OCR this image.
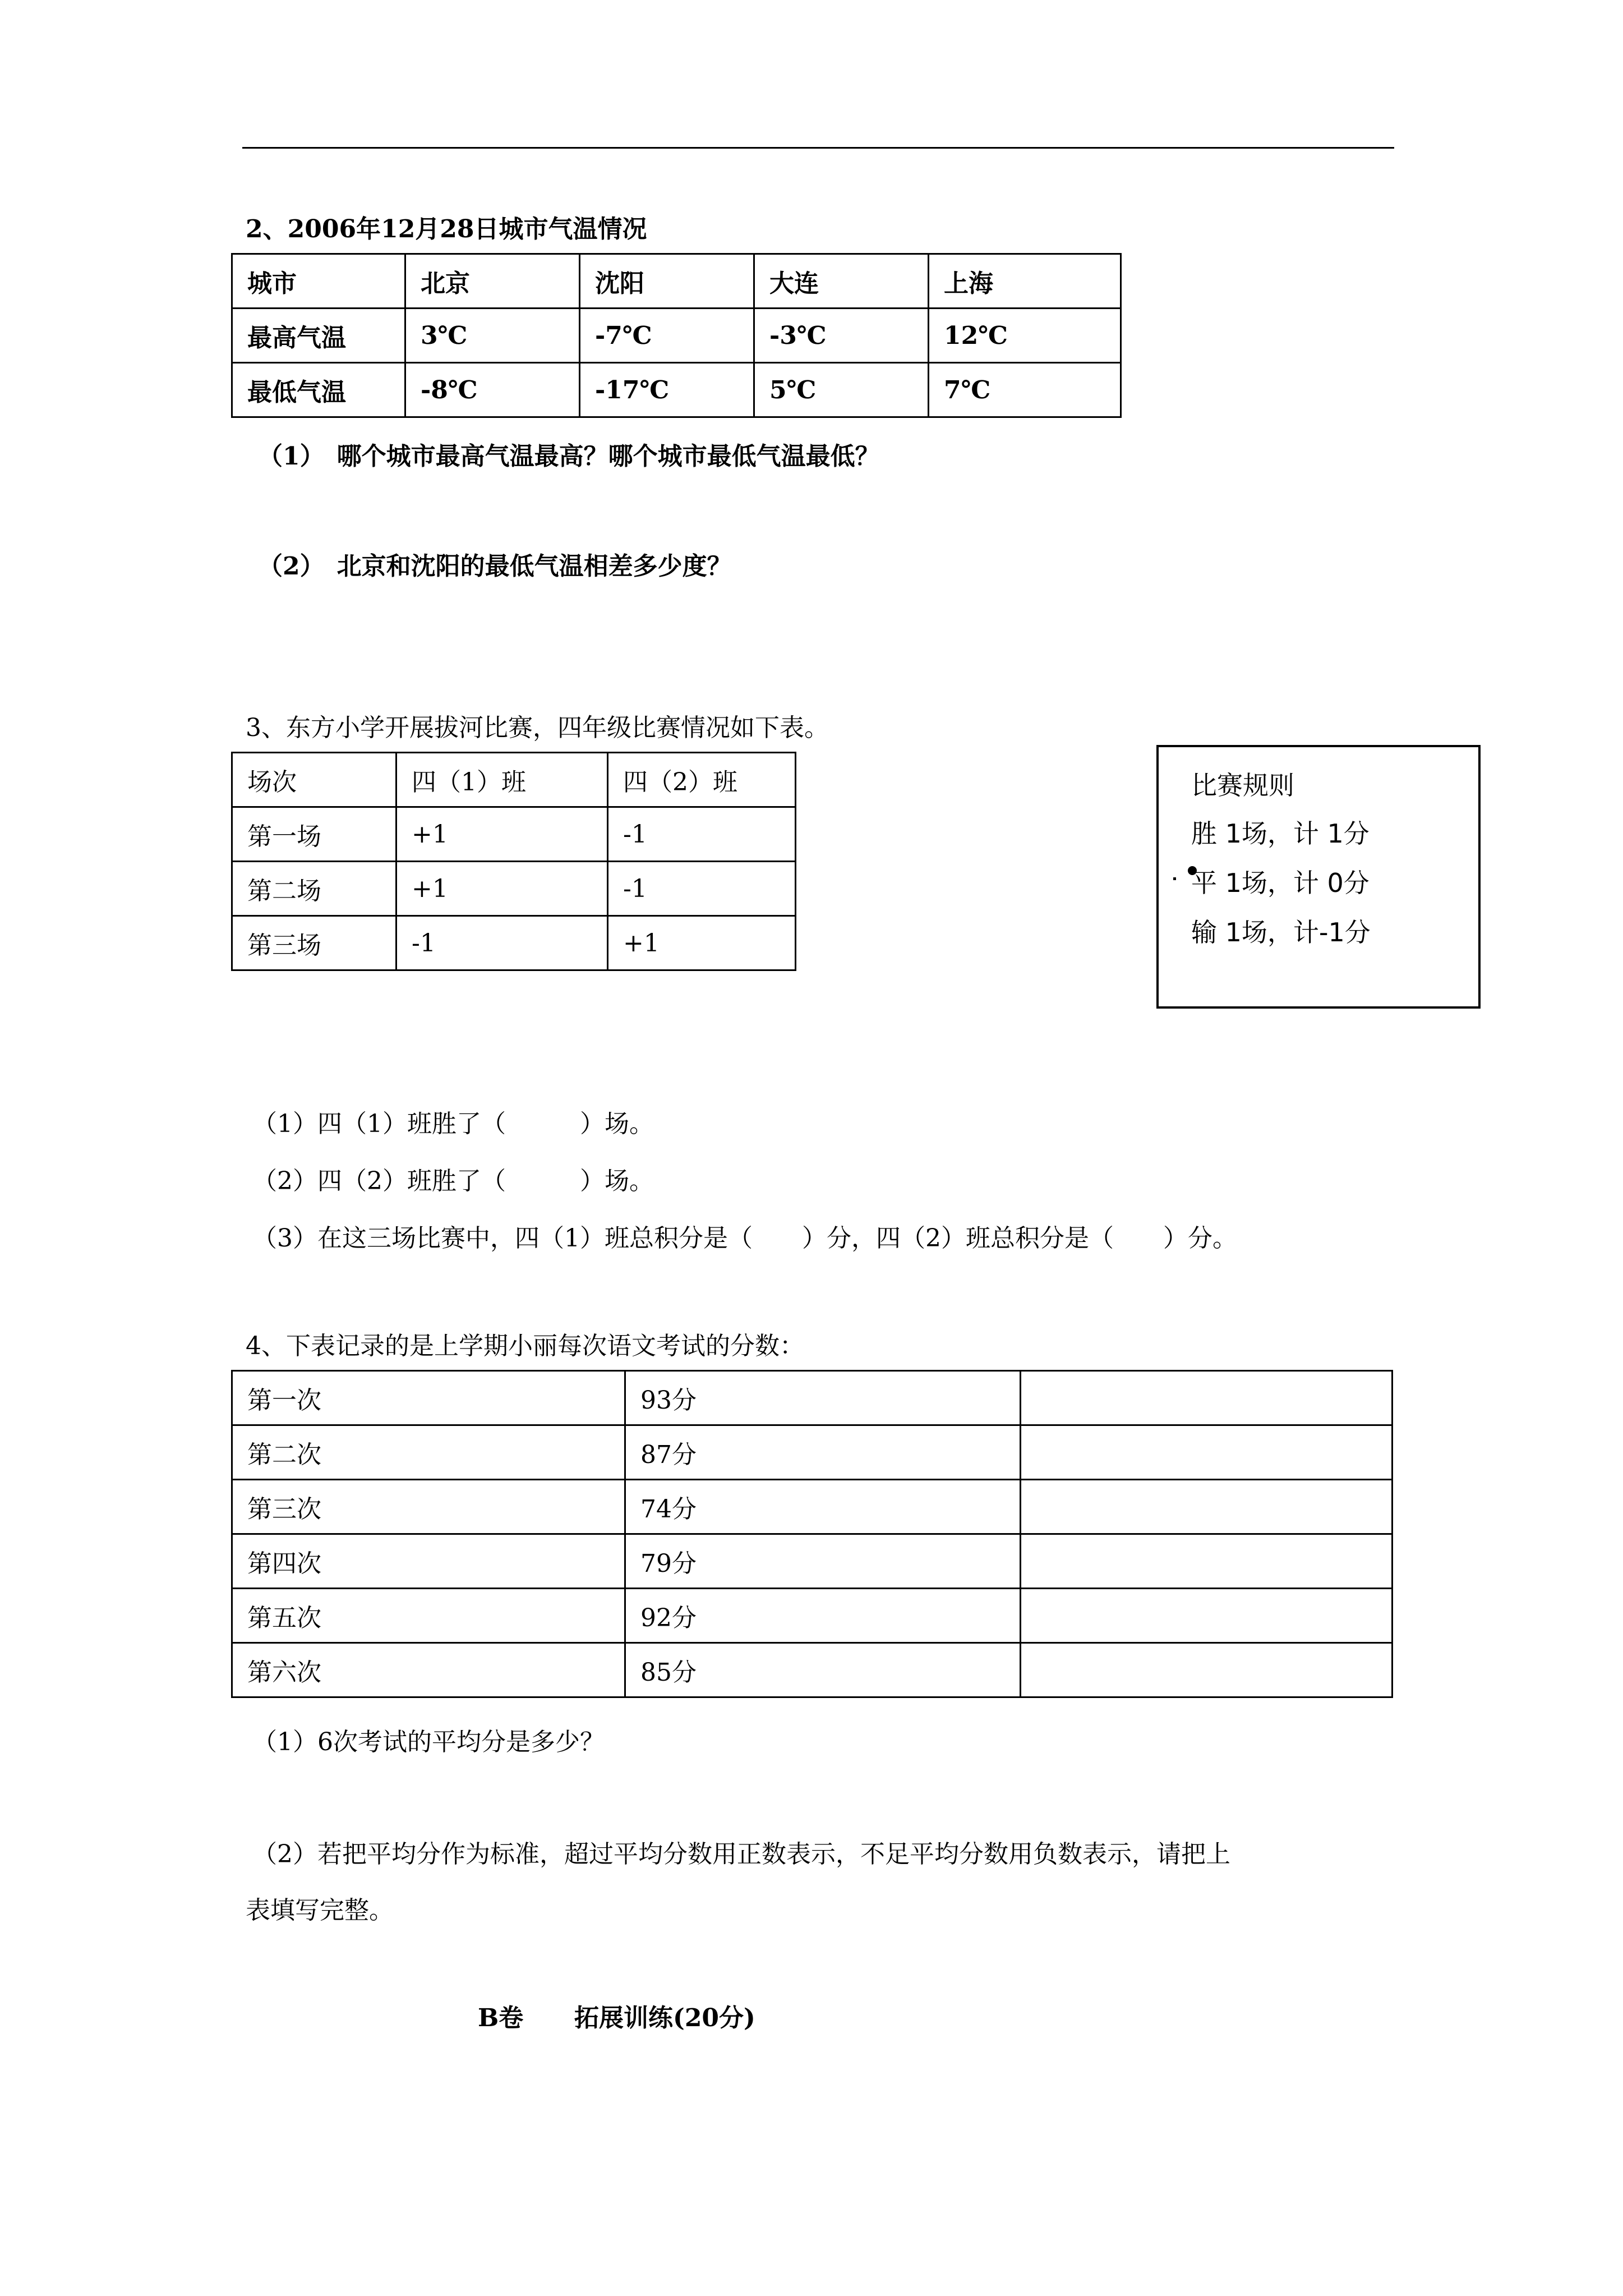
2、2006年12月28日城市气温情况
城市	北京	沈阳	大连	上海
最高气温	3℃	-7℃	-3℃	12℃
最低气温	-8℃	-17℃	5℃	7℃
（1）　哪个城市最高气温最高？哪个城市最低气温最低？
（2）　北京和沈阳的最低气温相差多少度？
3、东方小学开展拔河比赛，四年级比赛情况如下表。
场次	四（1）班	四（2）班
第一场	+1	-1
第二场	+1	-1
第三场	-1	+1
比赛规则
胜 1场，计 1分
平 1场，计 0分
输 1场，计-1分
（1）四（1）班胜了（　　　）场。
（2）四（2）班胜了（　　　）场。
（3）在这三场比赛中，四（1）班总积分是（　　）分，四（2）班总积分是（　　）分。
4、下表记录的是上学期小丽每次语文考试的分数：
第一次	93分	
第二次	87分	
第三次	74分	
第四次	79分	
第五次	92分	
第六次	85分	
（1）6次考试的平均分是多少？
（2）若把平均分作为标准，超过平均分数用正数表示，不足平均分数用负数表示，请把上
表填写完整。
B卷 拓展训练(20分)
